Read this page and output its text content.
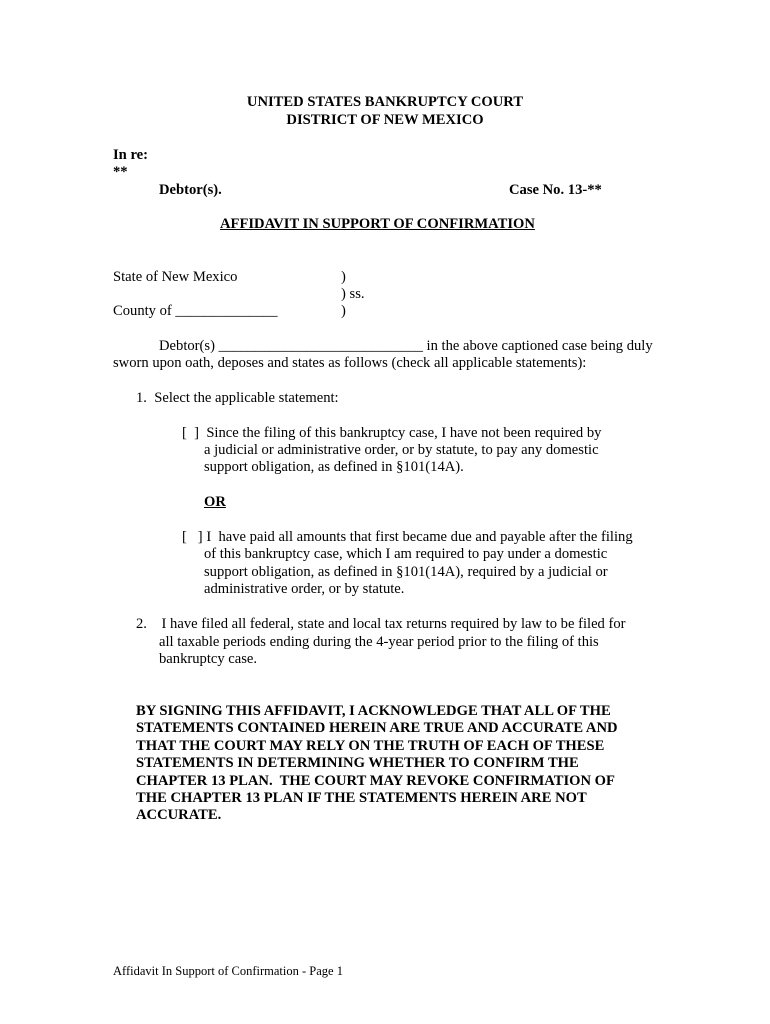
UNITED STATES BANKRUPTCY COURT
DISTRICT OF NEW MEXICO
In re:
**
Debtor(s).	Case No. 13-**
AFFIDAVIT IN SUPPORT OF CONFIRMATION
State of New Mexico
County of ______________
)
) ss.
)
Debtor(s) ____________________________ in the above captioned case being duly
sworn upon oath, deposes and states as follows (check all applicable statements):
1.  Select the applicable statement:
[  ]  Since the filing of this bankruptcy case, I have not been required by
a judicial or administrative order, or by statute, to pay any domestic
support obligation, as defined in §101(14A).
OR
[   ] I  have paid all amounts that first became due and payable after the filing
of this bankruptcy case, which I am required to pay under a domestic
support obligation, as defined in §101(14A), required by a judicial or
administrative order, or by statute.
2.    I have filed all federal, state and local tax returns required by law to be filed for
all taxable periods ending during the 4-year period prior to the filing of this
bankruptcy case.
BY SIGNING THIS AFFIDAVIT, I ACKNOWLEDGE THAT ALL OF THE
STATEMENTS CONTAINED HEREIN ARE TRUE AND ACCURATE AND
THAT THE COURT MAY RELY ON THE TRUTH OF EACH OF THESE
STATEMENTS IN DETERMINING WHETHER TO CONFIRM THE
CHAPTER 13 PLAN.  THE COURT MAY REVOKE CONFIRMATION OF
THE CHAPTER 13 PLAN IF THE STATEMENTS HEREIN ARE NOT
ACCURATE.
Affidavit In Support of Confirmation - Page 1
